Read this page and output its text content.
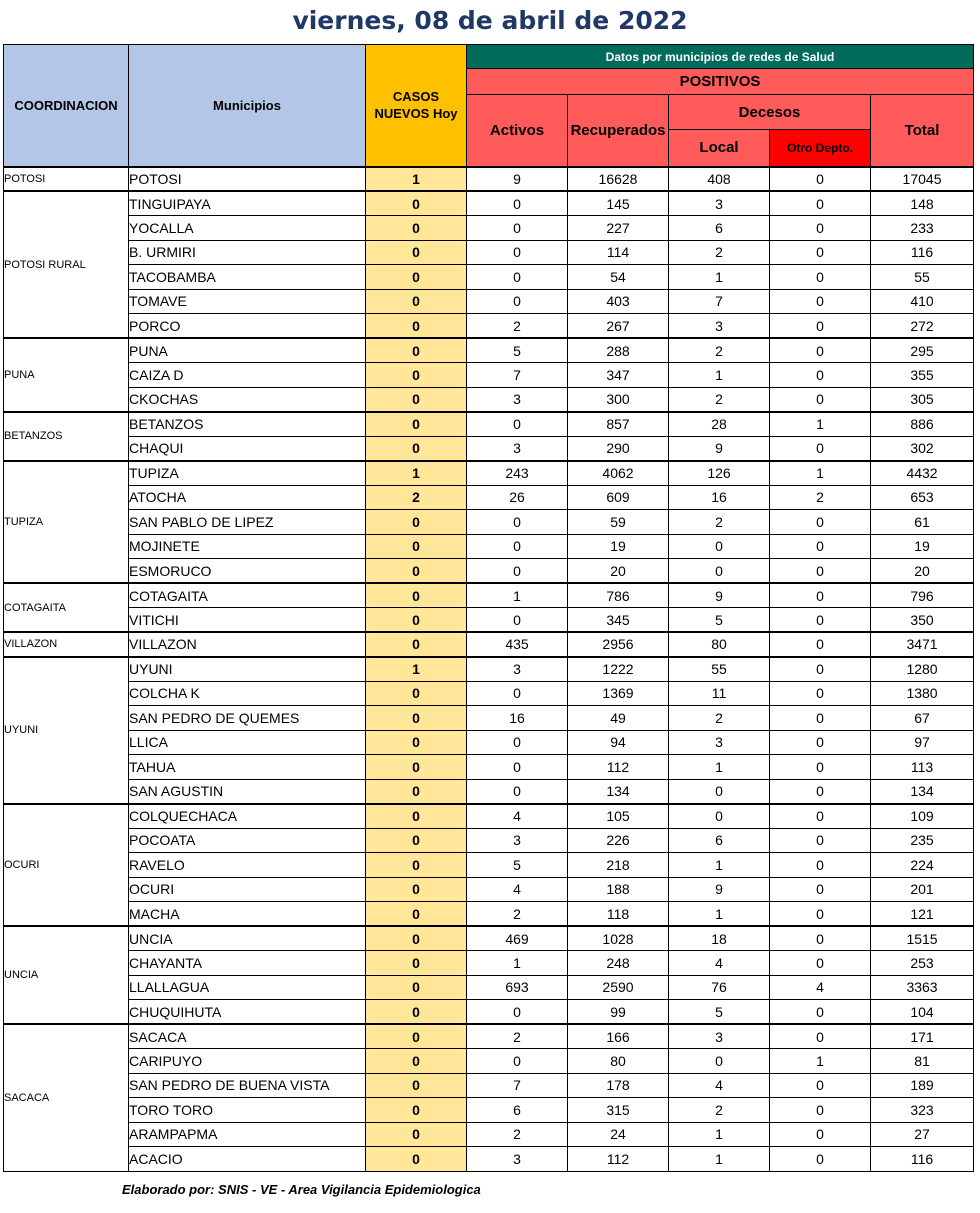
viernes, 08 de abril de 2022
COORDINACION	Municipios	CASOS NUEVOS Hoy	Datos por municipios de redes de Salud				
			POSITIVOS				
			Activos	Recuperados	Decesos		Total
					Local	Otro Depto.	
POTOSI	POTOSI	1	9	16628	408	0	17045
POTOSI RURAL	TINGUIPAYA	0	0	145	3	0	148
	YOCALLA	0	0	227	6	0	233
	B. URMIRI	0	0	114	2	0	116
	TACOBAMBA	0	0	54	1	0	55
	TOMAVE	0	0	403	7	0	410
	PORCO	0	2	267	3	0	272
PUNA	PUNA	0	5	288	2	0	295
	CAIZA D	0	7	347	1	0	355
	CKOCHAS	0	3	300	2	0	305
BETANZOS	BETANZOS	0	0	857	28	1	886
	CHAQUI	0	3	290	9	0	302
TUPIZA	TUPIZA	1	243	4062	126	1	4432
	ATOCHA	2	26	609	16	2	653
	SAN PABLO DE LIPEZ	0	0	59	2	0	61
	MOJINETE	0	0	19	0	0	19
	ESMORUCO	0	0	20	0	0	20
COTAGAITA	COTAGAITA	0	1	786	9	0	796
	VITICHI	0	0	345	5	0	350
VILLAZON	VILLAZON	0	435	2956	80	0	3471
UYUNI	UYUNI	1	3	1222	55	0	1280
	COLCHA K	0	0	1369	11	0	1380
	SAN PEDRO DE QUEMES	0	16	49	2	0	67
	LLICA	0	0	94	3	0	97
	TAHUA	0	0	112	1	0	113
	SAN AGUSTIN	0	0	134	0	0	134
OCURI	COLQUECHACA	0	4	105	0	0	109
	POCOATA	0	3	226	6	0	235
	RAVELO	0	5	218	1	0	224
	OCURI	0	4	188	9	0	201
	MACHA	0	2	118	1	0	121
UNCIA	UNCIA	0	469	1028	18	0	1515
	CHAYANTA	0	1	248	4	0	253
	LLALLAGUA	0	693	2590	76	4	3363
	CHUQUIHUTA	0	0	99	5	0	104
SACACA	SACACA	0	2	166	3	0	171
	CARIPUYO	0	0	80	0	1	81
	SAN PEDRO DE BUENA VISTA	0	7	178	4	0	189
	TORO TORO	0	6	315	2	0	323
	ARAMPAPMA	0	2	24	1	0	27
	ACACIO	0	3	112	1	0	116
Elaborado por: SNIS - VE - Area Vigilancia Epidemiologica
